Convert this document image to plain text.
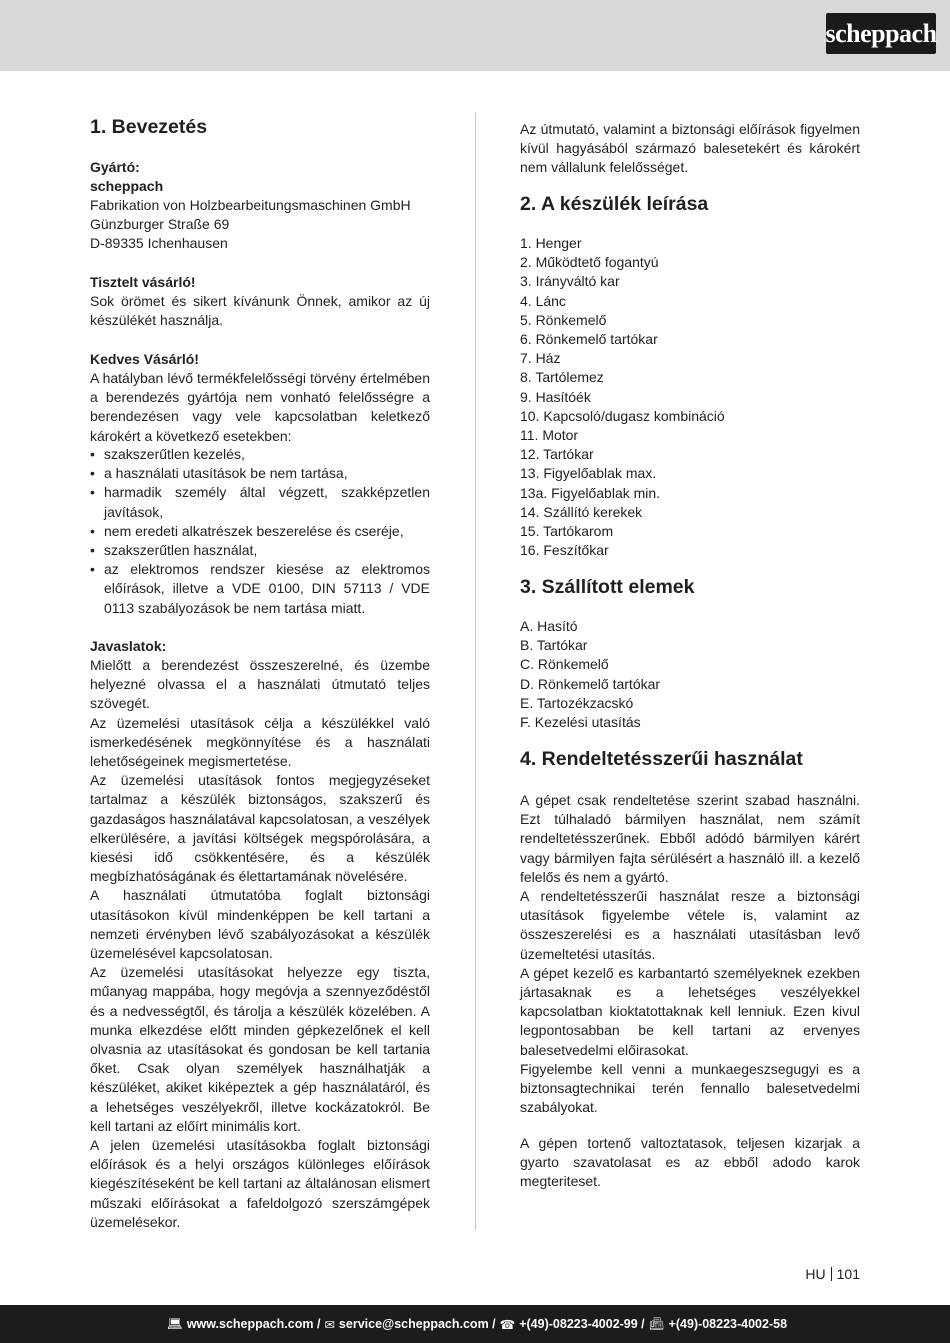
scheppach
1. Bevezetés
Gyártó:
scheppach
Fabrikation von Holzbearbeitungsmaschinen GmbH
Günzburger Straße 69
D-89335 Ichenhausen
Tisztelt vásárló!
Sok örömet és sikert kívánunk Önnek, amikor az új készülékét használja.
Kedves Vásárló!
A hatályban lévő termékfelelősségi törvény értelmében a berendezés gyártója nem vonható felelősségre a berendezésen vagy vele kapcsolatban keletkező károkért a következő esetekben:
• szakszerűtlen kezelés,
• a használati utasítások be nem tartása,
• harmadik személy által végzett, szakképzetlen javítások,
• nem eredeti alkatrészek beszerelése és cseréje,
• szakszerűtlen használat,
• az elektromos rendszer kiesése az elektromos előírások, illetve a VDE 0100, DIN 57113 / VDE 0113 szabályozások be nem tartása miatt.
Javaslatok:
Mielőtt a berendezést összeszerelné, és üzembe helyezné olvassa el a használati útmutató teljes szövegét.
Az üzemelési utasítások célja a készülékkel való ismerkedésének megkönnyítése és a használati lehetőségeinek megismertetése.
Az üzemelési utasítások fontos megjegyzéseket tartalmaz a készülék biztonságos, szakszerű és gazdaságos használatával kapcsolatosan, a veszélyek elkerülésére, a javítási költségek megspórolására, a kiesési idő csökkentésére, és a készülék megbízhatóságának és élettartamának növelésére.
A használati útmutatóba foglalt biztonsági utasításokon kívül mindenképpen be kell tartani a nemzeti érvényben lévő szabályozásokat a készülék üzemelésével kapcsolatosan.
Az üzemelési utasításokat helyezze egy tiszta, műanyag mappába, hogy megóvja a szennyeződéstől és a nedvességtől, és tárolja a készülék közelében. A munka elkezdése előtt minden gépkezelőnek el kell olvasnia az utasításokat és gondosan be kell tartania őket. Csak olyan személyek használhatják a készüléket, akiket kiképeztek a gép használatáról, és a lehetséges veszélyekről, illetve kockázatokról. Be kell tartani az előírt minimális kort.
A jelen üzemelési utasításokba foglalt biztonsági előírások és a helyi országos különleges előírások kiegészítéseként be kell tartani az általánosan elismert műszaki előírásokat a fafeldolgozó szerszámgépek üzemelésekor.
Az útmutató, valamint a biztonsági előírások figyelmen kívül hagyásából származó balesetekért és károkért nem vállalunk felelősséget.
2. A készülék leírása
1. Henger
2. Működtető fogantyú
3. Irányváltó kar
4. Lánc
5. Rönkemelő
6. Rönkemelő tartókar
7. Ház
8. Tartólemez
9. Hasítóék
10. Kapcsoló/dugasz kombináció
11. Motor
12. Tartókar
13. Figyelőablak max.
13a. Figyelőablak min.
14. Szállító kerekek
15. Tartókarom
16. Feszítőkar
3. Szállított elemek
A. Hasító
B. Tartókar
C. Rönkemelő
D. Rönkemelő tartókar
E. Tartozékzacskó
F. Kezelési utasítás
4. Rendeltetésszerűi használat
A gépet csak rendeltetése szerint szabad használni. Ezt túlhaladó bármilyen használat, nem számít rendeltetésszerűnek. Ebből adódó bármilyen kárért vagy bármilyen fajta sérülésért a használó ill. a kezelő felelős és nem a gyártó.
A rendeltetésszerűi használat resze a biztonsági utasítások figyelembe vétele is, valamint az összeszerelési es a használati utasításban levő üzemeltetési utasítás.
A gépet kezelő es karbantartó személyeknek ezekben jártasaknak es a lehetséges veszélyekkel kapcsolatban kioktatottaknak kell lenniuk. Ezen kivul legpontosabban be kell tartani az ervenyes balesetvedelmi előirasokat.
Figyelembe kell venni a munkaegeszsegugyi es a biztonsagtechnikai terén fennallo balesetvedelmi szabályokat.
A gépen tortenő valtoztatasok, teljesen kizarjak a gyarto szavatolasat es az ebből adodo karok megteriteset.
HU 101
💻︎ www.scheppach.com / ✉︎ service@scheppach.com / ☎︎ +(49)-08223-4002-99 / 📠︎ +(49)-08223-4002-58
